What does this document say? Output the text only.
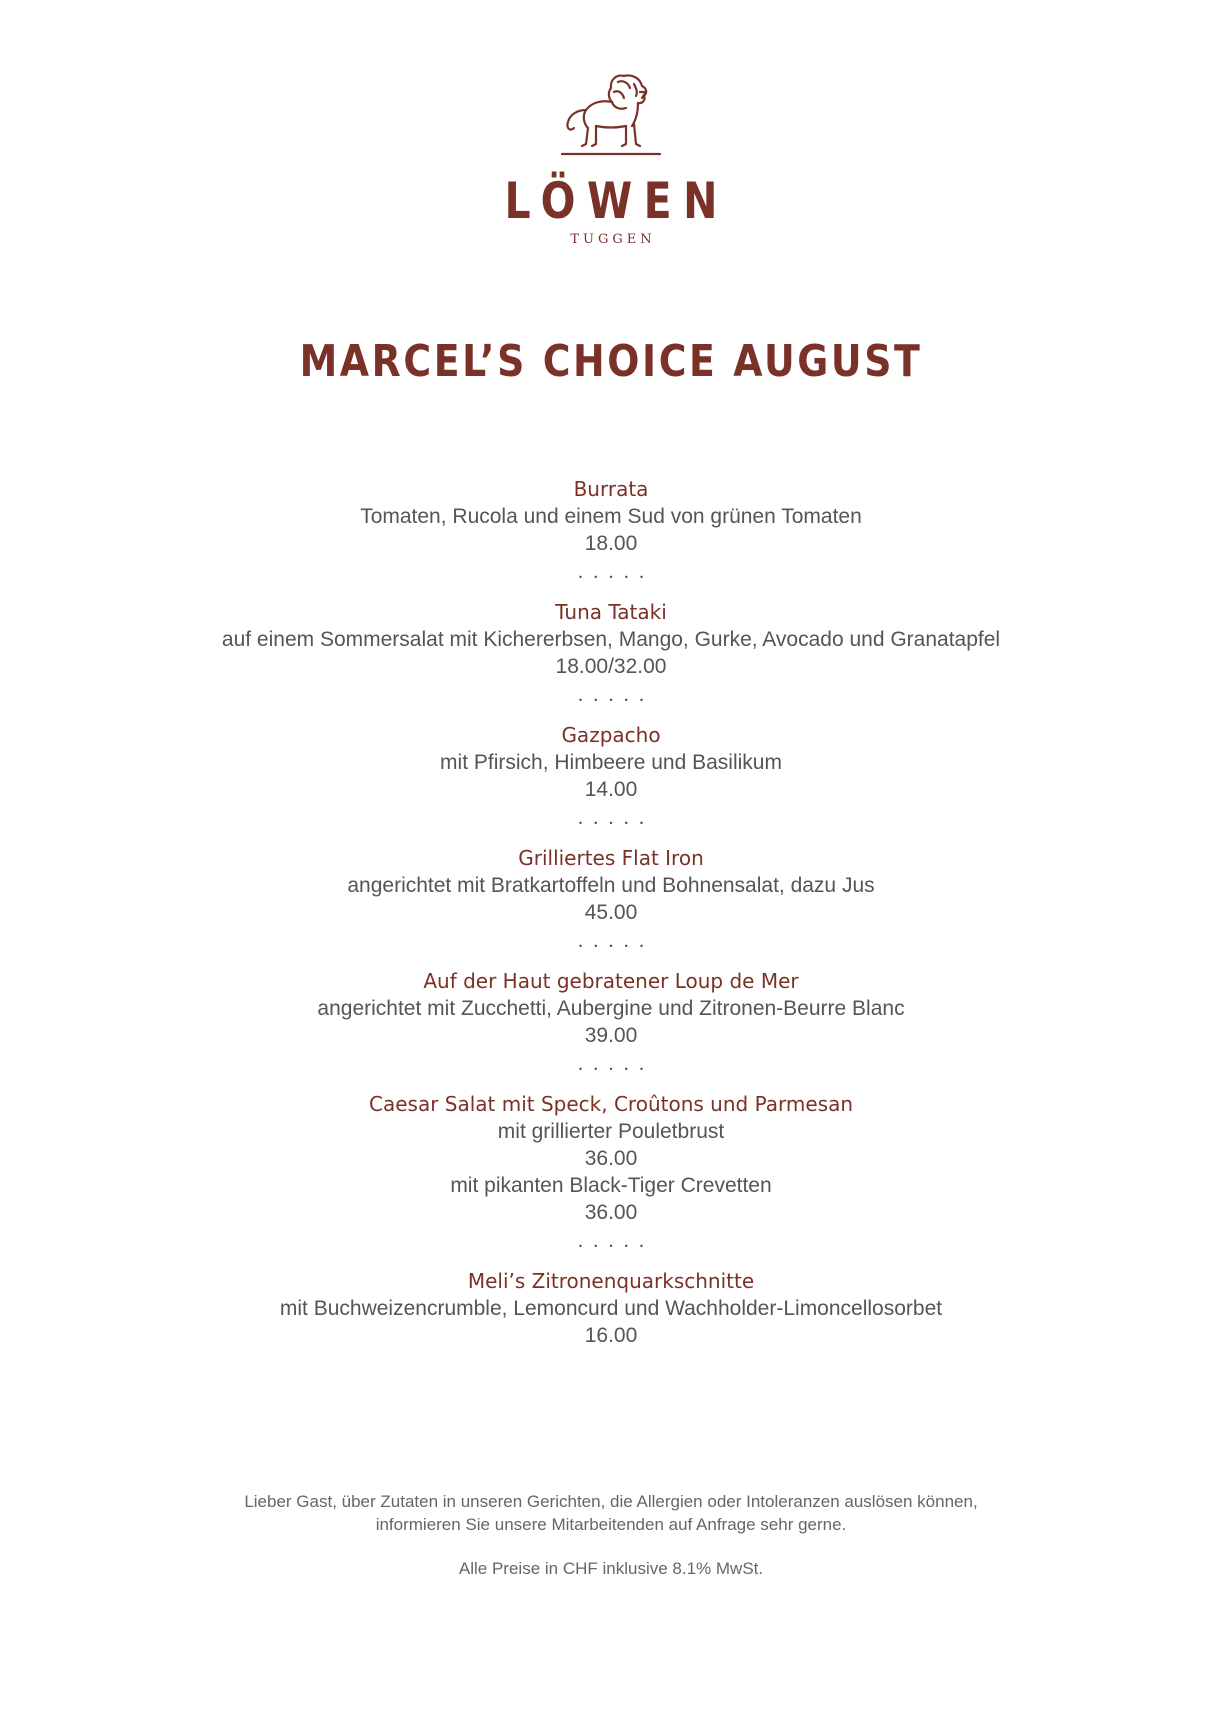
LÖWEN
TUGGEN
MARCEL’S CHOICE AUGUST
Burrata
Tomaten, Rucola und einem Sud von grünen Tomaten
18.00
• • • • •
Tuna Tataki
auf einem Sommersalat mit Kichererbsen, Mango, Gurke, Avocado und Granatapfel
18.00/32.00
• • • • •
Gazpacho
mit Pfirsich, Himbeere und Basilikum
14.00
• • • • •
Grilliertes Flat Iron
angerichtet mit Bratkartoffeln und Bohnensalat, dazu Jus
45.00
• • • • •
Auf der Haut gebratener Loup de Mer
angerichtet mit Zucchetti, Aubergine und Zitronen-Beurre Blanc
39.00
• • • • •
Caesar Salat mit Speck, Croûtons und Parmesan
mit grillierter Pouletbrust
36.00
mit pikanten Black-Tiger Crevetten
36.00
• • • • •
Meli’s Zitronenquarkschnitte
mit Buchweizencrumble, Lemoncurd und Wachholder-Limoncellosorbet
16.00
Lieber Gast, über Zutaten in unseren Gerichten, die Allergien oder Intoleranzen auslösen können,
informieren Sie unsere Mitarbeitenden auf Anfrage sehr gerne.
Alle Preise in CHF inklusive 8.1% MwSt.
